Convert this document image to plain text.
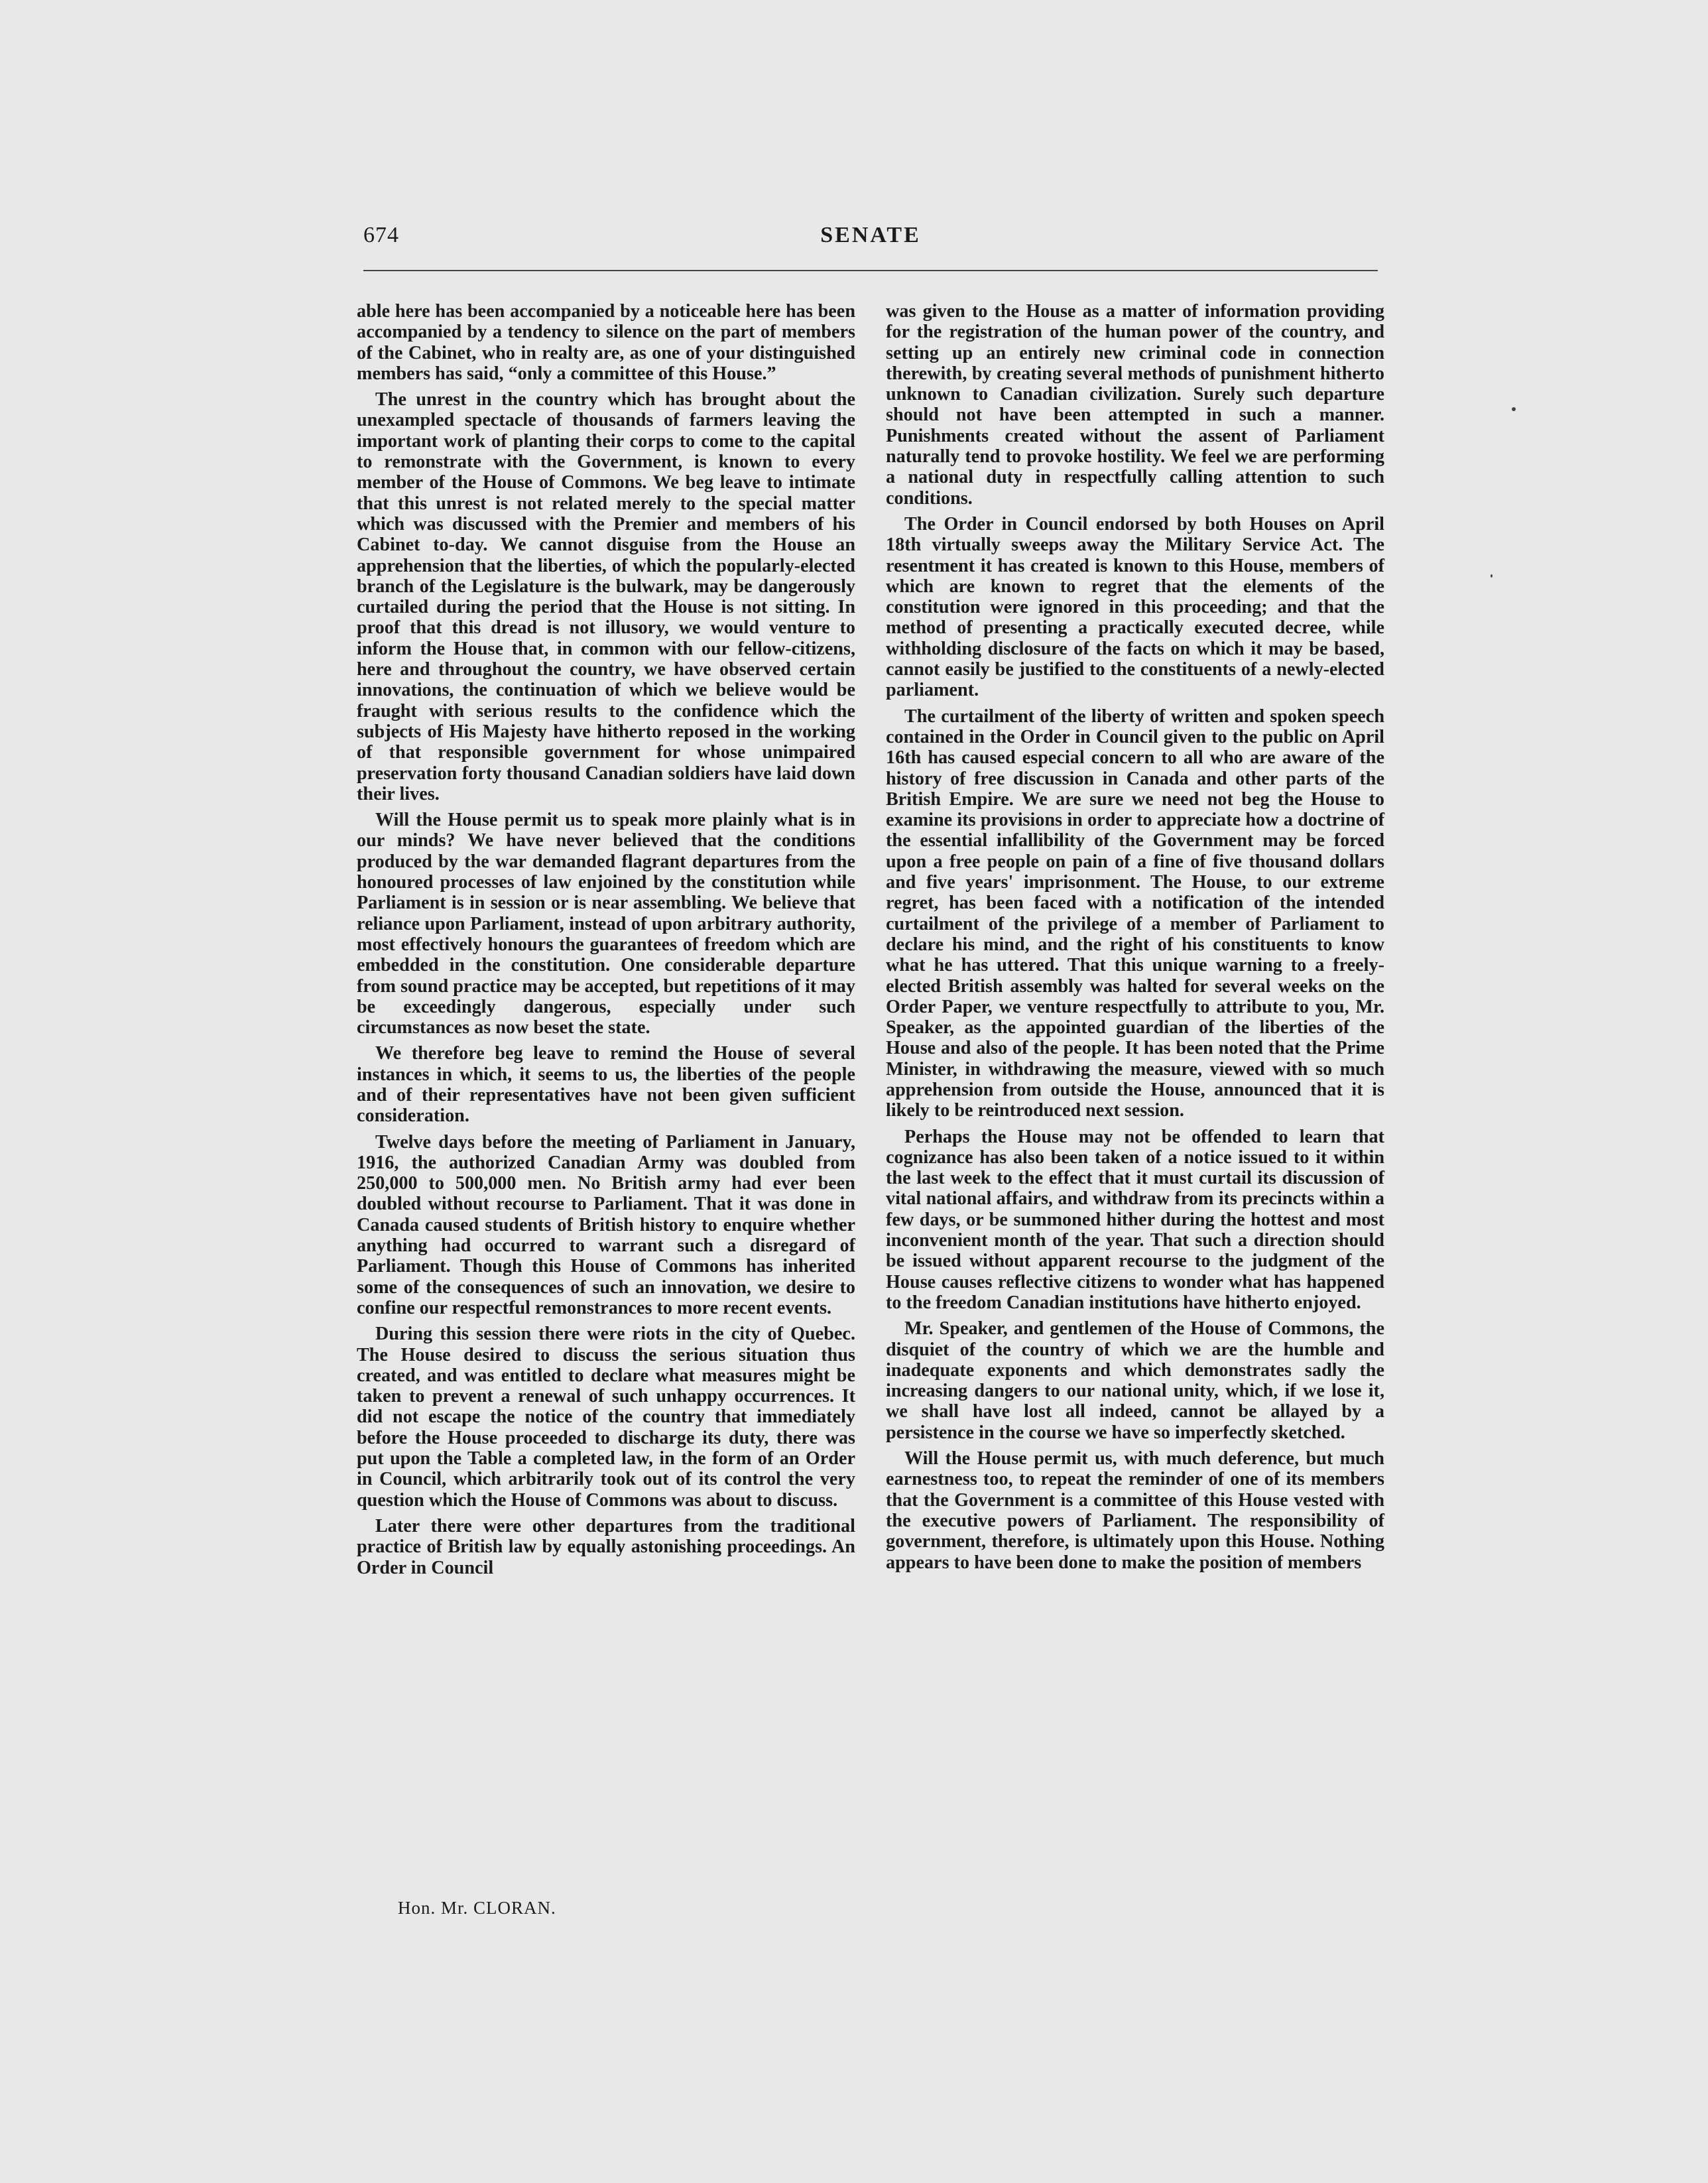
674	SENATE

able here has been accompanied by a noticeable here has been accompanied by a tendency to silence on the part of members of the Cabinet, who in realty are, as one of your distinguished members has said, “only a committee of this House.”

The unrest in the country which has brought about the unexampled spectacle of thousands of farmers leaving the important work of planting their corps to come to the capital to remonstrate with the Government, is known to every member of the House of Commons. We beg leave to intimate that this unrest is not related merely to the special matter which was discussed with the Premier and members of his Cabinet to-day. We cannot disguise from the House an apprehension that the liberties, of which the popularly-elected branch of the Legislature is the bulwark, may be dangerously curtailed during the period that the House is not sitting. In proof that this dread is not illusory, we would venture to inform the House that, in common with our fellow-citizens, here and throughout the country, we have observed certain innovations, the continuation of which we believe would be fraught with serious results to the confidence which the subjects of His Majesty have hitherto reposed in the working of that responsible government for whose unimpaired preservation forty thousand Canadian soldiers have laid down their lives.

Will the House permit us to speak more plainly what is in our minds? We have never believed that the conditions produced by the war demanded flagrant departures from the honoured processes of law enjoined by the constitution while Parliament is in session or is near assembling. We believe that reliance upon Parliament, instead of upon arbitrary authority, most effectively honours the guarantees of freedom which are embedded in the constitution. One considerable departure from sound practice may be accepted, but repetitions of it may be exceedingly dangerous, especially under such circumstances as now beset the state.

We therefore beg leave to remind the House of several instances in which, it seems to us, the liberties of the people and of their representatives have not been given sufficient consideration.

Twelve days before the meeting of Parliament in January, 1916, the authorized Canadian Army was doubled from 250,000 to 500,000 men. No British army had ever been doubled without recourse to Parliament. That it was done in Canada caused students of British history to enquire whether anything had occurred to warrant such a disregard of Parliament. Though this House of Commons has inherited some of the consequences of such an innovation, we desire to confine our respectful remonstrances to more recent events.

During this session there were riots in the city of Quebec. The House desired to discuss the serious situation thus created, and was entitled to declare what measures might be taken to prevent a renewal of such unhappy occurrences. It did not escape the notice of the country that immediately before the House proceeded to discharge its duty, there was put upon the Table a completed law, in the form of an Order in Council, which arbitrarily took out of its control the very question which the House of Commons was about to discuss.

Later there were other departures from the traditional practice of British law by equally astonishing proceedings. An Order in Council

was given to the House as a matter of information providing for the registration of the human power of the country, and setting up an entirely new criminal code in connection therewith, by creating several methods of punishment hitherto unknown to Canadian civilization. Surely such departure should not have been attempted in such a manner. Punishments created without the assent of Parliament naturally tend to provoke hostility. We feel we are performing a national duty in respectfully calling attention to such conditions.

The Order in Council endorsed by both Houses on April 18th virtually sweeps away the Military Service Act. The resentment it has created is known to this House, members of which are known to regret that the elements of the constitution were ignored in this proceeding; and that the method of presenting a practically executed decree, while withholding disclosure of the facts on which it may be based, cannot easily be justified to the constituents of a newly-elected parliament.

The curtailment of the liberty of written and spoken speech contained in the Order in Council given to the public on April 16th has caused especial concern to all who are aware of the history of free discussion in Canada and other parts of the British Empire. We are sure we need not beg the House to examine its provisions in order to appreciate how a doctrine of the essential infallibility of the Government may be forced upon a free people on pain of a fine of five thousand dollars and five years' imprisonment. The House, to our extreme regret, has been faced with a notification of the intended curtailment of the privilege of a member of Parliament to declare his mind, and the right of his constituents to know what he has uttered. That this unique warning to a freely-elected British assembly was halted for several weeks on the Order Paper, we venture respectfully to attribute to you, Mr. Speaker, as the appointed guardian of the liberties of the House and also of the people. It has been noted that the Prime Minister, in withdrawing the measure, viewed with so much apprehension from outside the House, announced that it is likely to be reintroduced next session.

Perhaps the House may not be offended to learn that cognizance has also been taken of a notice issued to it within the last week to the effect that it must curtail its discussion of vital national affairs, and withdraw from its precincts within a few days, or be summoned hither during the hottest and most inconvenient month of the year. That such a direction should be issued without apparent recourse to the judgment of the House causes reflective citizens to wonder what has happened to the freedom Canadian institutions have hitherto enjoyed.

Mr. Speaker, and gentlemen of the House of Commons, the disquiet of the country of which we are the humble and inadequate exponents and which demonstrates sadly the increasing dangers to our national unity, which, if we lose it, we shall have lost all indeed, cannot be allayed by a persistence in the course we have so imperfectly sketched.

Will the House permit us, with much deference, but much earnestness too, to repeat the reminder of one of its members that the Government is a committee of this House vested with the executive powers of Parliament. The responsibility of government, therefore, is ultimately upon this House. Nothing appears to have been done to make the position of members

Hon. Mr. CLORAN.
